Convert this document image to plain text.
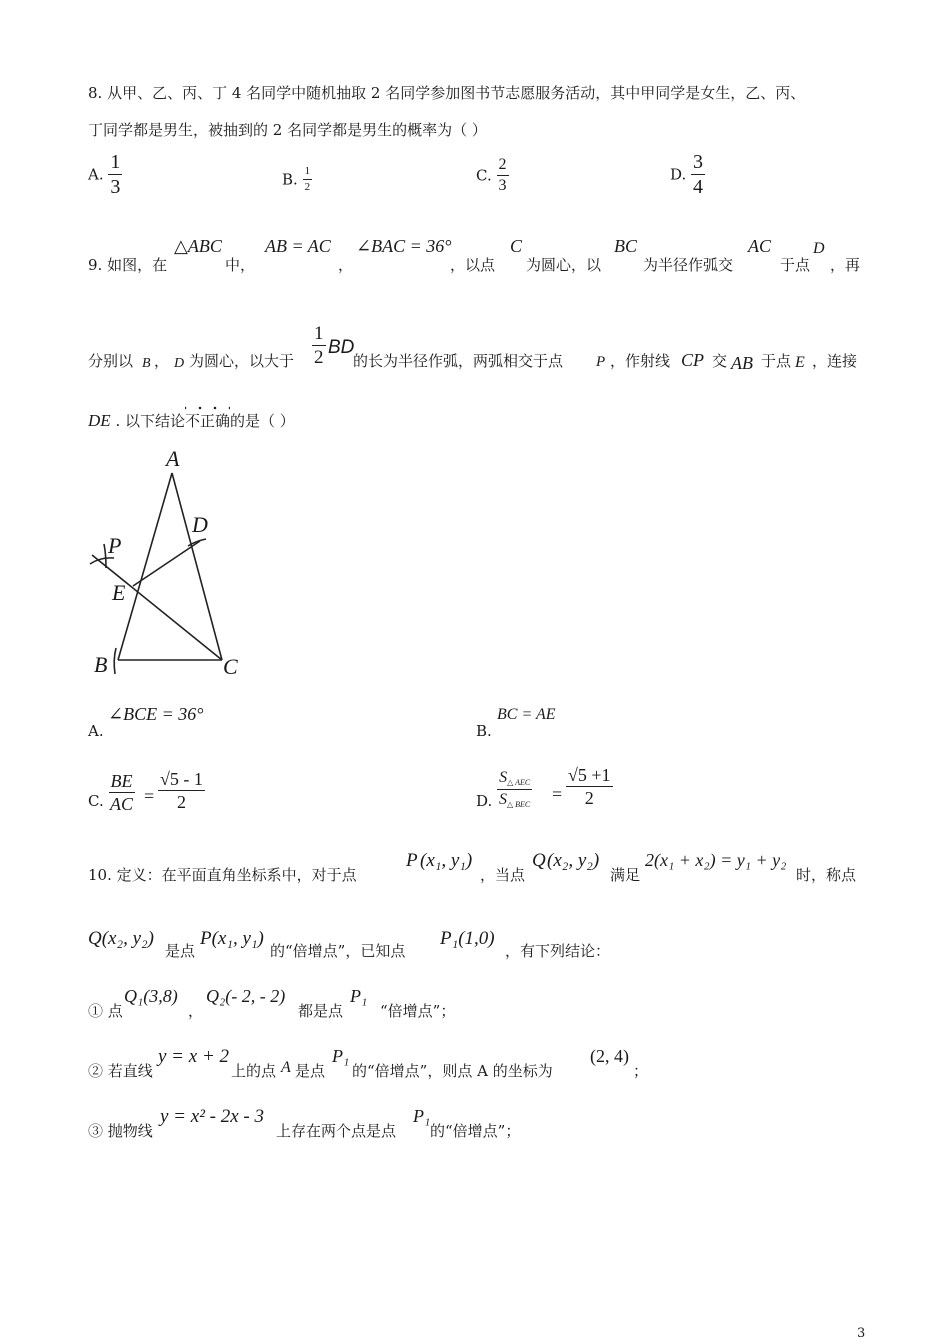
8. 从甲、乙、丙、丁 4 名同学中随机抽取 2 名同学参加图书节志愿服务活动，其中甲同学是女生，乙、丙、
丁同学都是男生，被抽到的 2 名同学都是男生的概率为（ ）
A. $\frac{1}{3}$	B. $\frac{1}{2}$	C. $\frac{2}{3}$	D. $\frac{3}{4}$
9. 如图，在
△ABC
中，
AB = AC
，
∠BAC = 36°
，以点
C
为圆心，以
BC
为半径作弧交
AC
于点
D
，再
分别以 B ， D 为圆心，以大于 $\frac{1}{2}$ BD
的长为半径作弧，两弧相交于点 P ，作射线 CP 交 AB 于点 E ，连接
DE . 以下结论不正确的是（ ）
A
D
P
E
B	C
A.
∠BCE = 36°
B.
BC = AE
C. $\frac{BE}{AC} = \frac{√5 - 1}{2}$	D.
$S_{\triangle AEC}$
$S_{\triangle BEC}$
= $\frac{√5 +1}{2}$
10. 定义：在平面直角坐标系中，对于点
P (x₁, y₁)
，当点
Q (x₂, y₂)
满足
2(x₁ + x₂) = y₁ + y₂
时，称点
Q(x₂, y₂)
是点
P(x₁, y₁)
的“倍增点”，已知点
P₁(1,0)
，有下列结论：
① 点
Q₁(3,8)
，
Q₂(- 2, - 2)
都是点
P₁
“倍增点”；
② 若直线
y = x + 2
上的点 A 是点
P₁
的“倍增点”，则点 A 的坐标为
(2, 4)
；
③ 抛物线
y = x² - 2x - 3
上存在两个点是点
P₁
的“倍增点”；
3
